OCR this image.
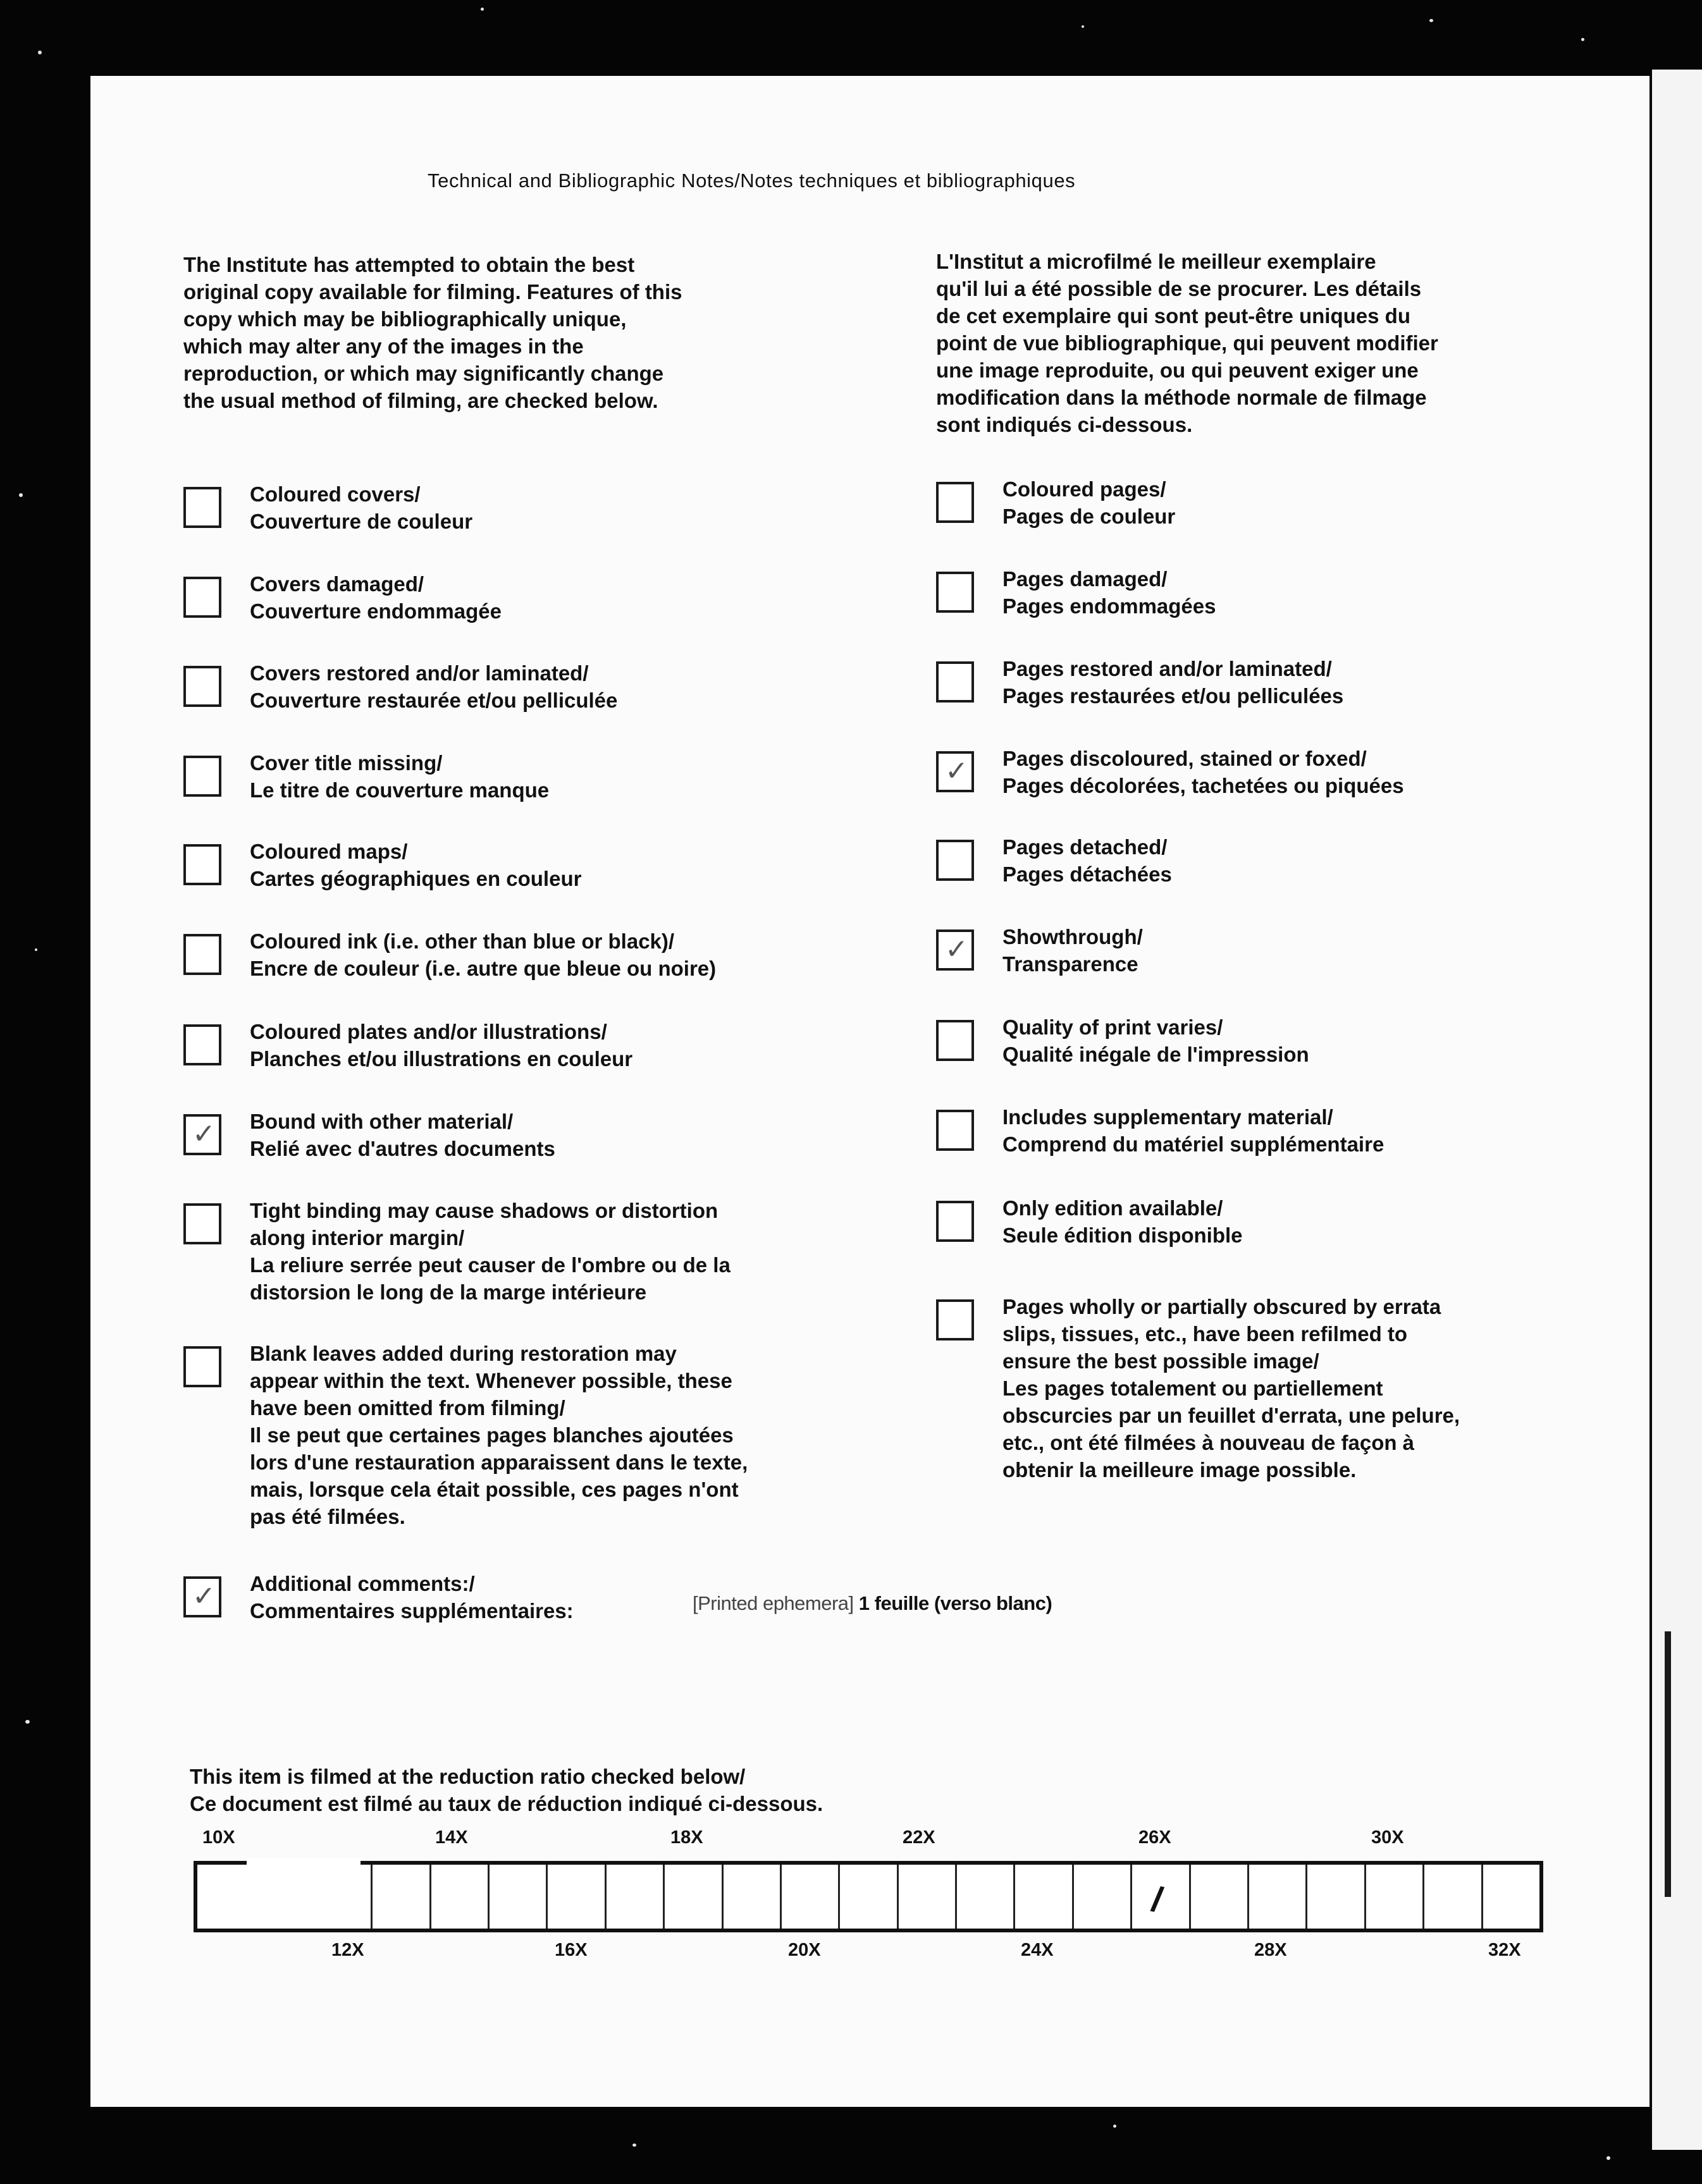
Technical and Bibliographic Notes/Notes techniques et bibliographiques
The Institute has attempted to obtain the best
original copy available for filming. Features of this
copy which may be bibliographically unique,
which may alter any of the images in the
reproduction, or which may significantly change
the usual method of filming, are checked below.
L'Institut a microfilmé le meilleur exemplaire
qu'il lui a été possible de se procurer. Les détails
de cet exemplaire qui sont peut-être uniques du
point de vue bibliographique, qui peuvent modifier
une image reproduite, ou qui peuvent exiger une
modification dans la méthode normale de filmage
sont indiqués ci-dessous.
Coloured covers/
Couverture de couleur
Covers damaged/
Couverture endommagée
Covers restored and/or laminated/
Couverture restaurée et/ou pelliculée
Cover title missing/
Le titre de couverture manque
Coloured maps/
Cartes géographiques en couleur
Coloured ink (i.e. other than blue or black)/
Encre de couleur (i.e. autre que bleue ou noire)
Coloured plates and/or illustrations/
Planches et/ou illustrations en couleur
✓ Bound with other material/
Relié avec d'autres documents
Tight binding may cause shadows or distortion
along interior margin/
La reliure serrée peut causer de l'ombre ou de la
distorsion le long de la marge intérieure
Blank leaves added during restoration may
appear within the text. Whenever possible, these
have been omitted from filming/
Il se peut que certaines pages blanches ajoutées
lors d'une restauration apparaissent dans le texte,
mais, lorsque cela était possible, ces pages n'ont
pas été filmées.
✓ Additional comments:/
Commentaires supplémentaires:
Coloured pages/
Pages de couleur
Pages damaged/
Pages endommagées
Pages restored and/or laminated/
Pages restaurées et/ou pelliculées
✓ Pages discoloured, stained or foxed/
Pages décolorées, tachetées ou piquées
Pages detached/
Pages détachées
✓ Showthrough/
Transparence
Quality of print varies/
Qualité inégale de l'impression
Includes supplementary material/
Comprend du matériel supplémentaire
Only edition available/
Seule édition disponible
Pages wholly or partially obscured by errata
slips, tissues, etc., have been refilmed to
ensure the best possible image/
Les pages totalement ou partiellement
obscurcies par un feuillet d'errata, une pelure,
etc., ont été filmées à nouveau de façon à
obtenir la meilleure image possible.
[Printed ephemera] 1 feuille (verso blanc)
This item is filmed at the reduction ratio checked below/
Ce document est filmé au taux de réduction indiqué ci-dessous.
10X	14X	18X	22X	26X	30X
/
12X	16X	20X	24X	28X	32X
